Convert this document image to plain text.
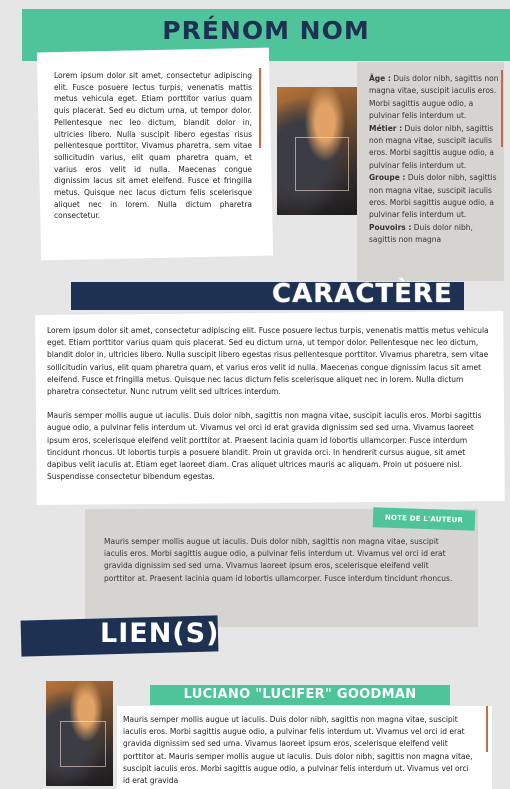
PRÉNOM NOM
Lorem ipsum dolor sit amet, consectetur adipiscing elit. Fusce posuere lectus turpis, venenatis mattis metus vehicula eget. Etiam porttitor varius quam quis placerat. Sed eu dictum urna, ut tempor dolor. Pellentesque nec leo dictum, blandit dolor in, ultricies libero. Nulla suscipit libero egestas risus pellentesque porttitor. Vivamus pharetra, sem vitae sollicitudin varius, elit quam pharetra quam, et varius eros velit id nulla. Maecenas congue dignissim lacus sit amet eleifend. Fusce et fringilla metus. Quisque nec lacus dictum felis scelerisque aliquet nec in lorem. Nulla dictum pharetra consectetur.
Âge : Duis dolor nibh, sagittis non magna vitae, suscipit iaculis eros. Morbi sagittis augue odio, a pulvinar felis interdum ut.
Métier : Duis dolor nibh, sagittis non magna vitae, suscipit iaculis eros. Morbi sagittis augue odio, a pulvinar felis interdum ut.
Groupe : Duis dolor nibh, sagittis non magna vitae, suscipit iaculis eros. Morbi sagittis augue odio, a pulvinar felis interdum ut.
Pouvoirs : Duis dolor nibh, sagittis non magna
CARACTÈRE

Lorem ipsum dolor sit amet, consectetur adipiscing elit. Fusce posuere lectus turpis, venenatis mattis metus vehicula eget. Etiam porttitor varius quam quis placerat. Sed eu dictum urna, ut tempor dolor. Pellentesque nec leo dictum, blandit dolor in, ultricies libero. Nulla suscipit libero egestas risus pellentesque porttitor. Vivamus pharetra, sem vitae sollicitudin varius, elit quam pharetra quam, et varius eros velit id nulla. Maecenas congue dignissim lacus sit amet eleifend. Fusce et fringilla metus. Quisque nec lacus dictum felis scelerisque aliquet nec in lorem. Nulla dictum pharetra consectetur. Nunc rutrum velit sed ultrices interdum.

Mauris semper mollis augue ut iaculis. Duis dolor nibh, sagittis non magna vitae, suscipit iaculis eros. Morbi sagittis augue odio, a pulvinar felis interdum ut. Vivamus vel orci id erat gravida dignissim sed sed urna. Vivamus laoreet ipsum eros, scelerisque eleifend velit porttitor at. Praesent lacinia quam id lobortis ullamcorper. Fusce interdum tincidunt rhoncus. Ut lobortis turpis a posuere blandit. Proin ut gravida orci. In hendrerit cursus augue, sit amet dapibus velit iaculis at. Etiam eget laoreet diam. Cras aliquet ultrices mauris ac aliquam. Proin ut posuere nisl. Suspendisse consectetur bibendum egestas.

NOTE DE L'AUTEUR
Mauris semper mollis augue ut iaculis. Duis dolor nibh, sagittis non magna vitae, suscipit iaculis eros. Morbi sagittis augue odio, a pulvinar felis interdum ut. Vivamus vel orci id erat gravida dignissim sed sed urna. Vivamus laoreet ipsum eros, scelerisque eleifend velit porttitor at. Praesent lacinia quam id lobortis ullamcorper. Fusce interdum tincidunt rhoncus.
LIEN(S)
LUCIANO "LUCIFER" GOODMAN
Mauris semper mollis augue ut iaculis. Duis dolor nibh, sagittis non magna vitae, suscipit iaculis eros. Morbi sagittis augue odio, a pulvinar felis interdum ut. Vivamus vel orci id erat gravida dignissim sed sed urna. Vivamus laoreet ipsum eros, scelerisque eleifend velit porttitor at. Mauris semper mollis augue ut iaculis. Duis dolor nibh, sagittis non magna vitae, suscipit iaculis eros. Morbi sagittis augue odio, a pulvinar felis interdum ut. Vivamus vel orci id erat gravida
